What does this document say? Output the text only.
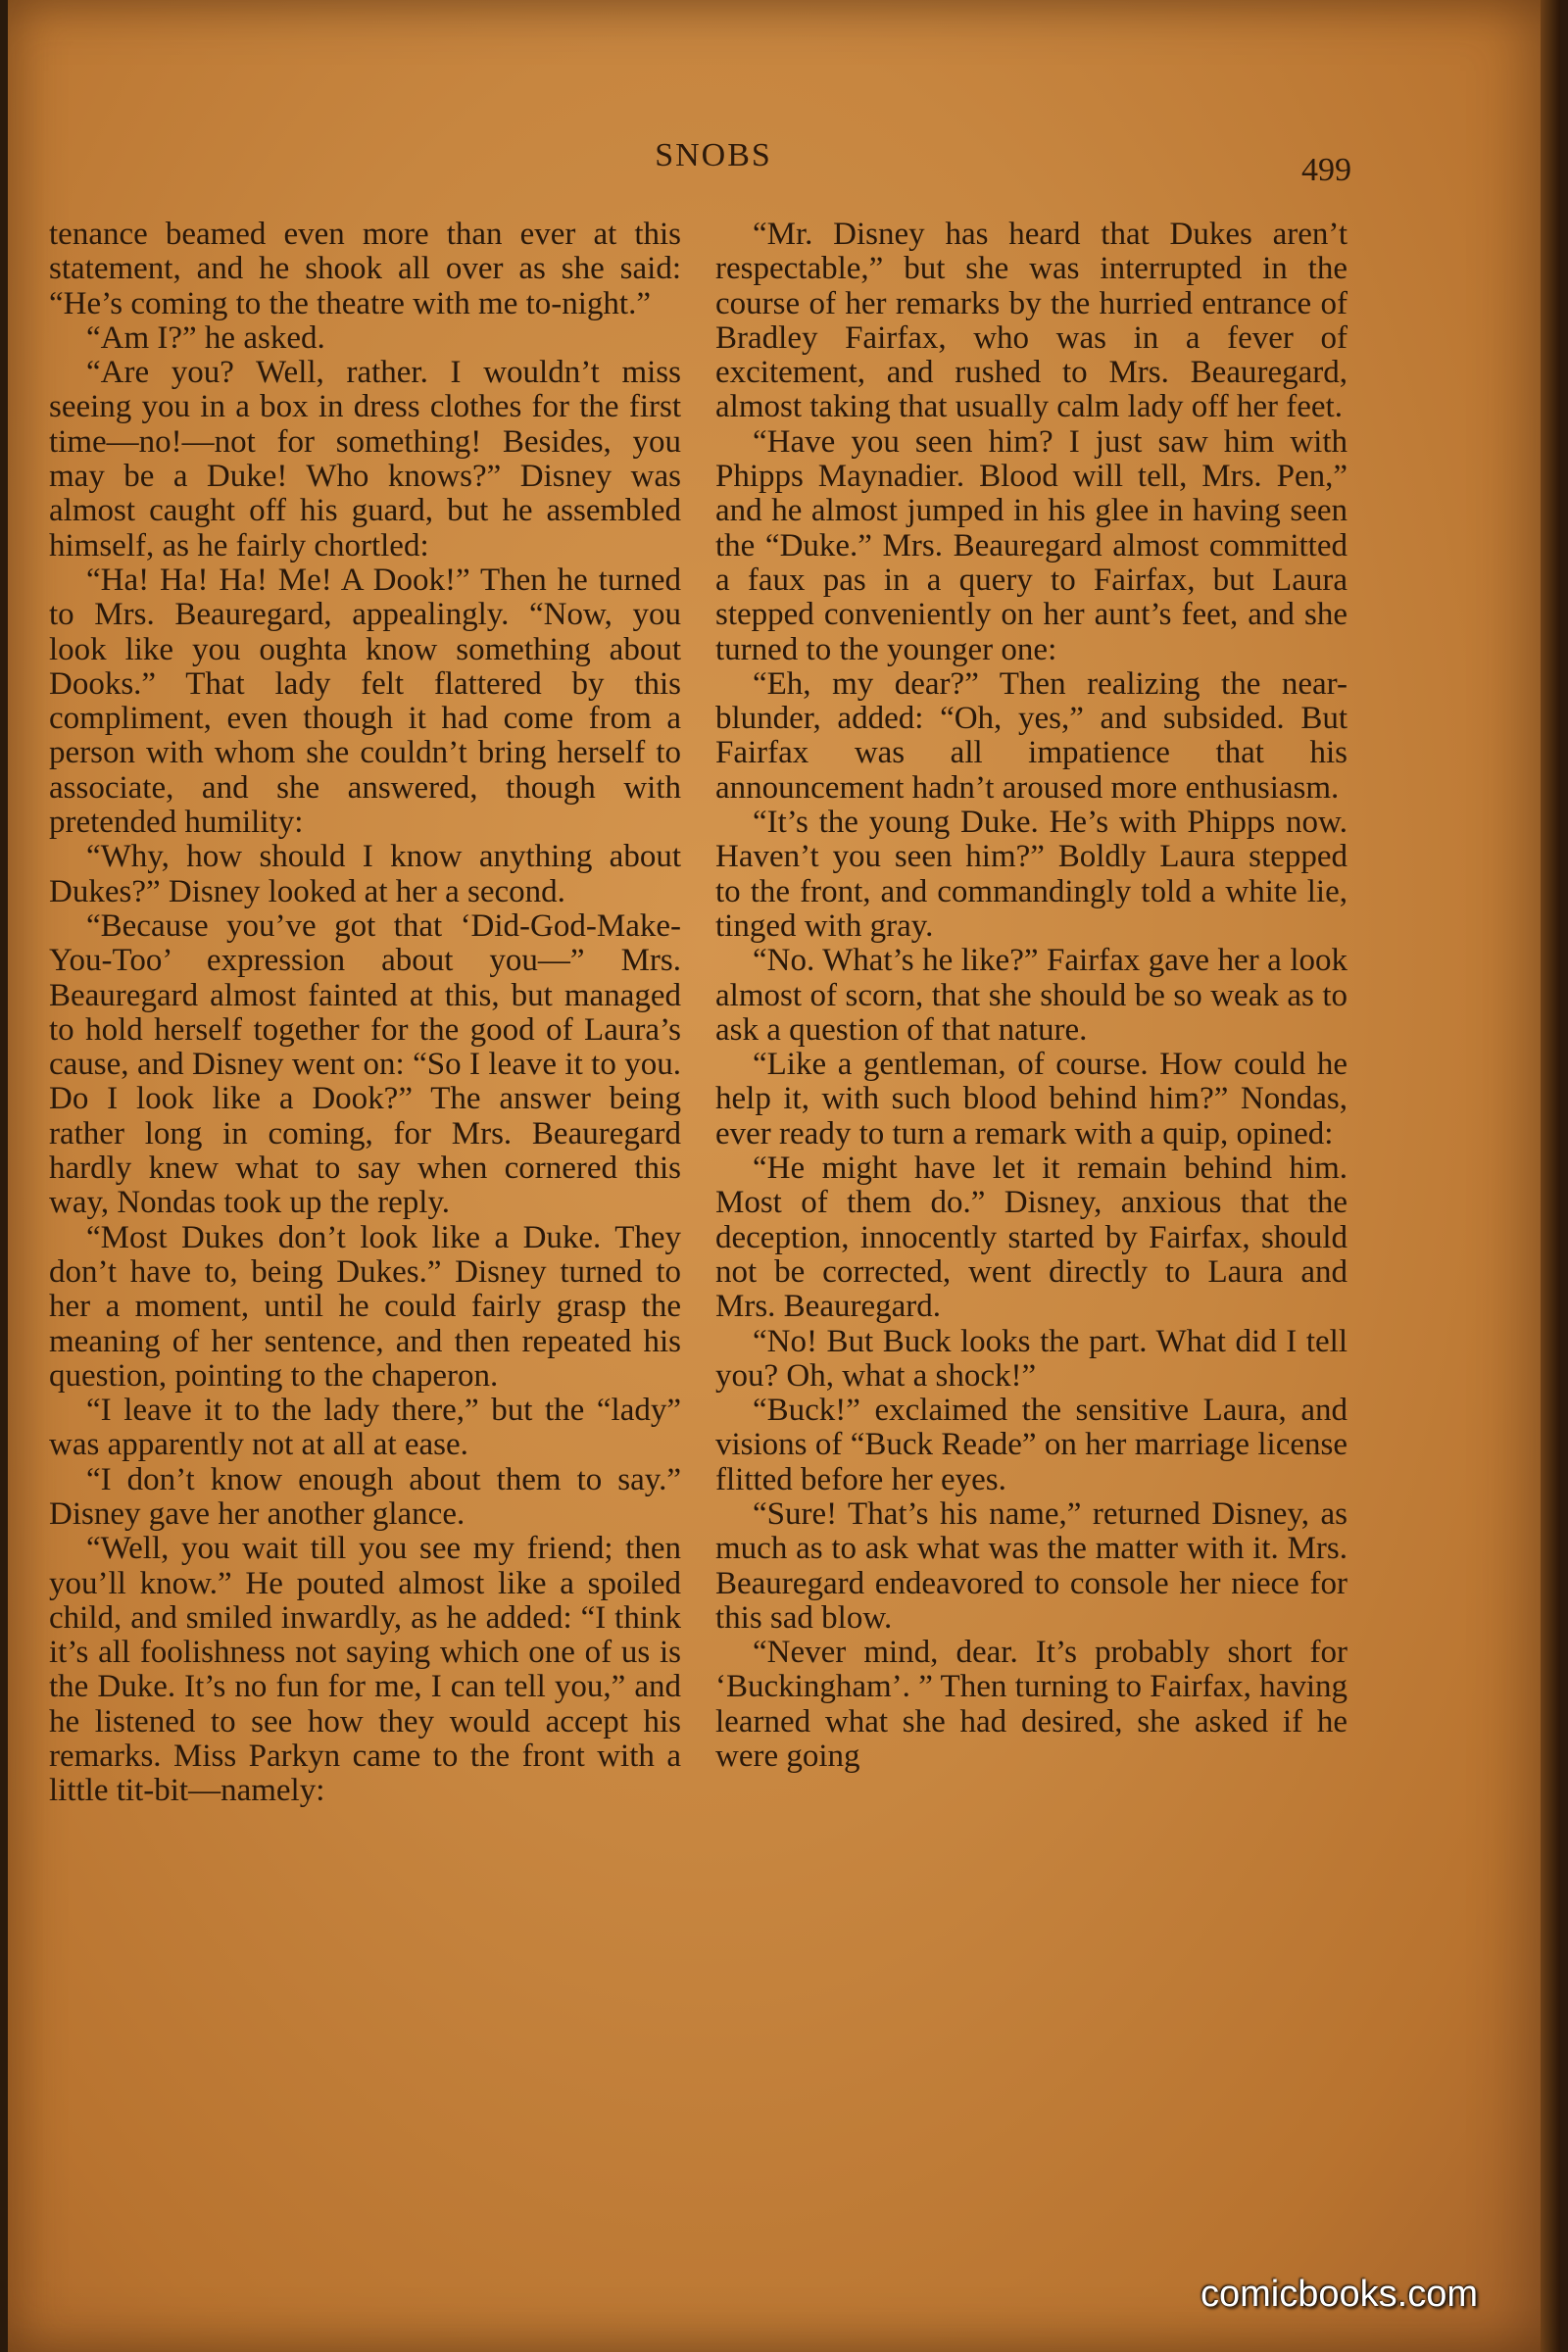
SNOBS	499

tenance beamed even more than ever at this statement, and he shook all over as she said: “He’s coming to the theatre with me to-night.”

“Am I?” he asked.

“Are you? Well, rather. I wouldn’t miss seeing you in a box in dress clothes for the first time—no!—not for something! Besides, you may be a Duke! Who knows?” Disney was almost caught off his guard, but he assembled himself, as he fairly chortled:

“Ha! Ha! Ha! Me! A Dook!” Then he turned to Mrs. Beauregard, appealingly. “Now, you look like you oughta know something about Dooks.” That lady felt flattered by this compliment, even though it had come from a person with whom she couldn’t bring herself to associate, and she answered, though with pretended humility:

“Why, how should I know anything about Dukes?” Disney looked at her a second.

“Because you’ve got that ‘Did-God-Make-You-Too’ expression about you—” Mrs. Beauregard almost fainted at this, but managed to hold herself together for the good of Laura’s cause, and Disney went on: “So I leave it to you. Do I look like a Dook?” The answer being rather long in coming, for Mrs. Beauregard hardly knew what to say when cornered this way, Nondas took up the reply.

“Most Dukes don’t look like a Duke. They don’t have to, being Dukes.” Disney turned to her a moment, until he could fairly grasp the meaning of her sentence, and then repeated his question, pointing to the chaperon.

“I leave it to the lady there,” but the “lady” was apparently not at all at ease.

“I don’t know enough about them to say.” Disney gave her another glance.

“Well, you wait till you see my friend; then you’ll know.” He pouted almost like a spoiled child, and smiled inwardly, as he added: “I think it’s all foolishness not saying which one of us is the Duke. It’s no fun for me, I can tell you,” and he listened to see how they would accept his remarks. Miss Parkyn came to the front with a little tit-bit—namely:

“Mr. Disney has heard that Dukes aren’t respectable,” but she was interrupted in the course of her remarks by the hurried entrance of Bradley Fairfax, who was in a fever of excitement, and rushed to Mrs. Beauregard, almost taking that usually calm lady off her feet.

“Have you seen him? I just saw him with Phipps Maynadier. Blood will tell, Mrs. Pen,” and he almost jumped in his glee in having seen the “Duke.” Mrs. Beauregard almost committed a faux pas in a query to Fairfax, but Laura stepped conveniently on her aunt’s feet, and she turned to the younger one:

“Eh, my dear?” Then realizing the near-blunder, added: “Oh, yes,” and subsided. But Fairfax was all impatience that his announcement hadn’t aroused more enthusiasm.

“It’s the young Duke. He’s with Phipps now. Haven’t you seen him?” Boldly Laura stepped to the front, and commandingly told a white lie, tinged with gray.

“No. What’s he like?” Fairfax gave her a look almost of scorn, that she should be so weak as to ask a question of that nature.

“Like a gentleman, of course. How could he help it, with such blood behind him?” Nondas, ever ready to turn a remark with a quip, opined:

“He might have let it remain behind him. Most of them do.” Disney, anxious that the deception, innocently started by Fairfax, should not be corrected, went directly to Laura and Mrs. Beauregard.

“No! But Buck looks the part. What did I tell you? Oh, what a shock!”

“Buck!” exclaimed the sensitive Laura, and visions of “Buck Reade” on her marriage license flitted before her eyes.

“Sure! That’s his name,” returned Disney, as much as to ask what was the matter with it. Mrs. Beauregard endeavored to console her niece for this sad blow.

“Never mind, dear. It’s probably short for ‘Buckingham’. ” Then turning to Fairfax, having learned what she had desired, she asked if he were going

comicbooks.com
